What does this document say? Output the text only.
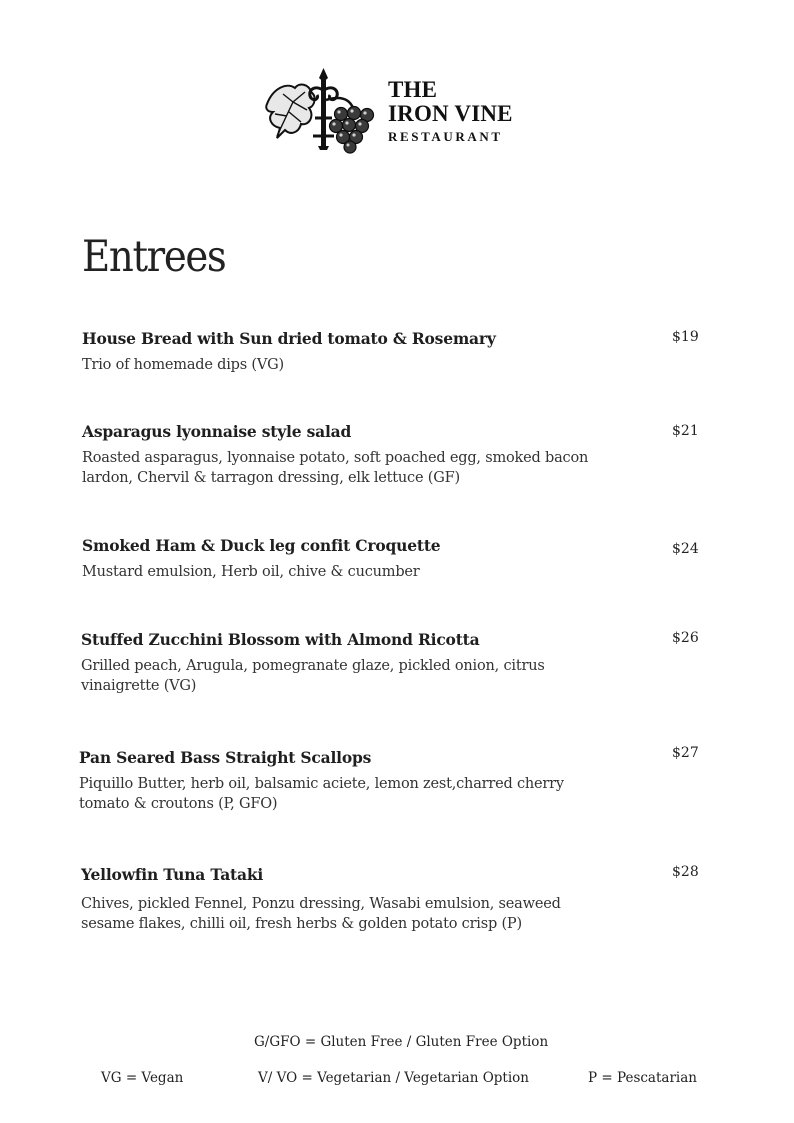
THE
IRON VINE
RESTAURANT
Entrees
House Bread with Sun dried tomato & Rosemary
Trio of homemade dips (VG)
$19
Asparagus lyonnaise style salad
Roasted asparagus, lyonnaise potato, soft poached egg, smoked bacon lardon, Chervil & tarragon dressing, elk lettuce (GF)
$21
Smoked Ham & Duck leg confit Croquette
Mustard emulsion, Herb oil, chive & cucumber
$24
Stuffed Zucchini Blossom with Almond Ricotta
Grilled peach, Arugula, pomegranate glaze, pickled onion, citrus vinaigrette (VG)
$26
Pan Seared Bass Straight Scallops
Piquillo Butter, herb oil, balsamic aciete, lemon zest,charred cherry tomato & croutons (P, GFO)
$27
Yellowfin Tuna Tataki
Chives, pickled Fennel, Ponzu dressing, Wasabi emulsion, seaweed sesame flakes, chilli oil, fresh herbs & golden potato crisp (P)
$28
G/GFO = Gluten Free / Gluten Free Option
VG = Vegan	V/ VO = Vegetarian / Vegetarian Option	P = Pescatarian
